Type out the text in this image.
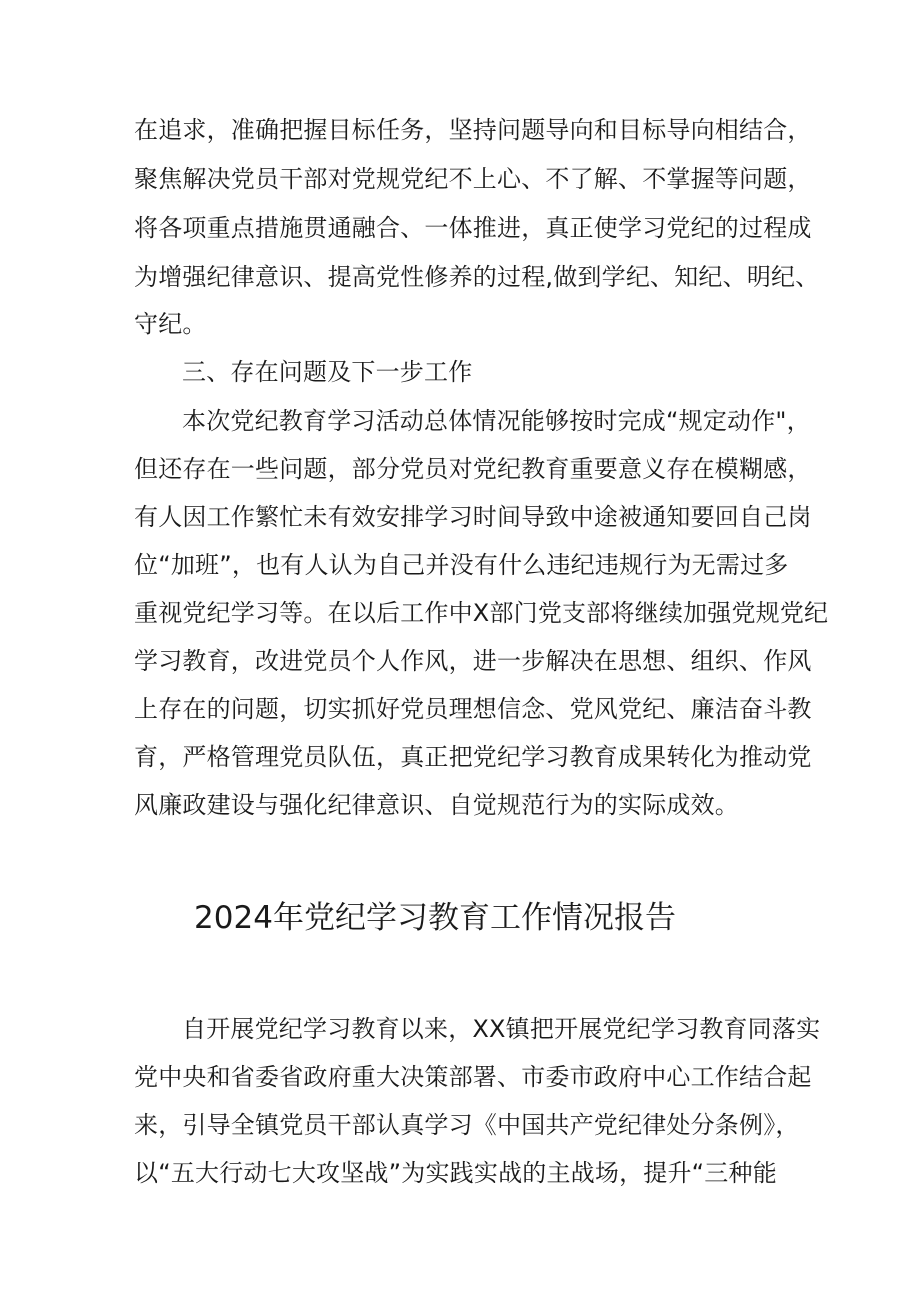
在追求，准确把握目标任务，坚持问题导向和目标导向相结合，
聚焦解决党员干部对党规党纪不上心、不了解、不掌握等问题，
将各项重点措施贯通融合、一体推进，真正使学习党纪的过程成
为增强纪律意识、提高党性修养的过程,做到学纪、知纪、明纪、
守纪。
三、存在问题及下一步工作
本次党纪教育学习活动总体情况能够按时完成“规定动作"，
但还存在一些问题，部分党员对党纪教育重要意义存在模糊感，
有人因工作繁忙未有效安排学习时间导致中途被通知要回自己岗
位“加班”，也有人认为自己并没有什么违纪违规行为无需过多
重视党纪学习等。在以后工作中X部门党支部将继续加强党规党纪
学习教育，改进党员个人作风，进一步解决在思想、组织、作风
上存在的问题，切实抓好党员理想信念、党风党纪、廉洁奋斗教
育，严格管理党员队伍，真正把党纪学习教育成果转化为推动党
风廉政建设与强化纪律意识、自觉规范行为的实际成效。
2024年党纪学习教育工作情况报告
自开展党纪学习教育以来，XX镇把开展党纪学习教育同落实
党中央和省委省政府重大决策部署、市委市政府中心工作结合起
来，引导全镇党员干部认真学习《中国共产党纪律处分条例》，
以“五大行动七大攻坚战”为实践实战的主战场，提升“三种能
